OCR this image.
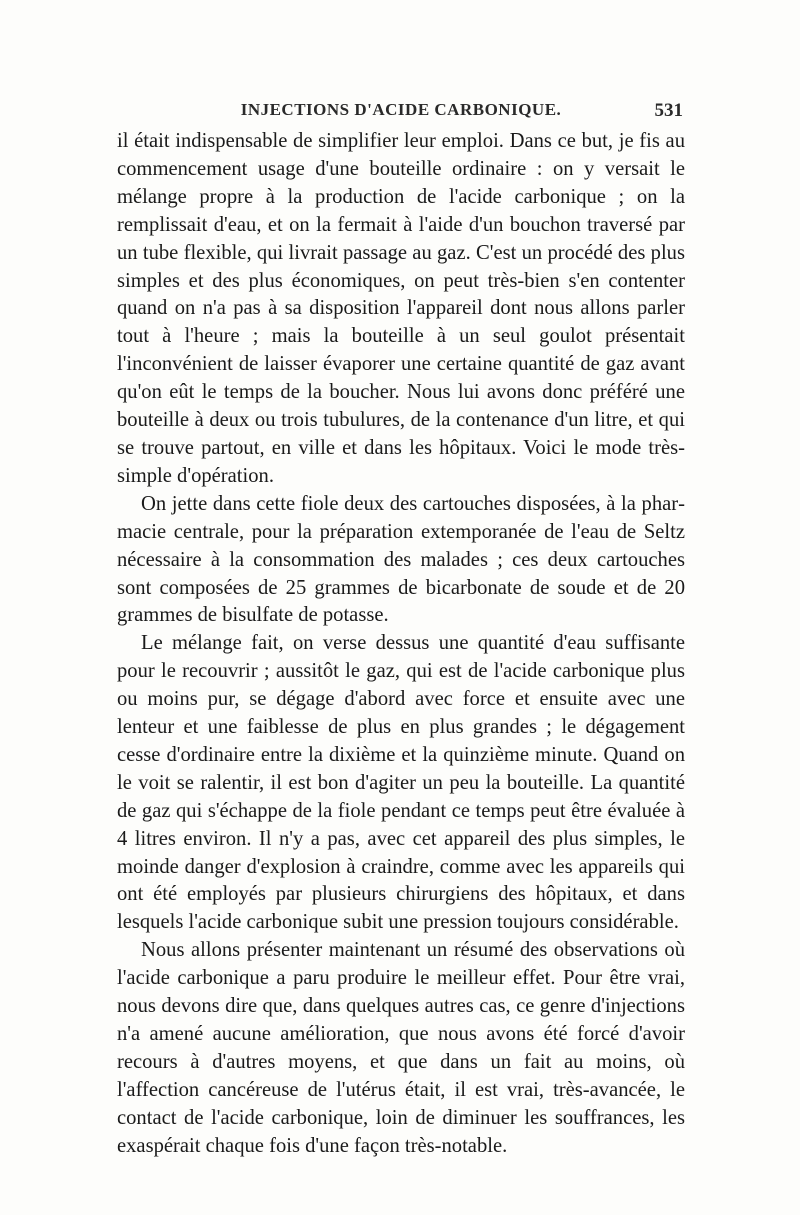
INJECTIONS D'ACIDE CARBONIQUE.	531

il était indispensable de simplifier leur emploi. Dans ce but, je fis au commencement usage d'une bouteille ordinaire : on y versait le mélange propre à la production de l'acide carbonique ; on la remplissait d'eau, et on la fermait à l'aide d'un bouchon traversé par un tube flexible, qui livrait passage au gaz. C'est un procédé des plus simples et des plus économiques, on peut très-bien s'en contenter quand on n'a pas à sa disposition l'appareil dont nous allons parler tout à l'heure ; mais la bouteille à un seul goulot présentait l'inconvénient de laisser évaporer une certaine quantité de gaz avant qu'on eût le temps de la boucher. Nous lui avons donc préféré une bouteille à deux ou trois tubulures, de la contenance d'un litre, et qui se trouve partout, en ville et dans les hôpitaux. Voici le mode très-simple d'opération.

On jette dans cette fiole deux des cartouches disposées, à la pharmacie centrale, pour la préparation extemporanée de l'eau de Seltz nécessaire à la consommation des malades ; ces deux cartouches sont composées de 25 grammes de bicarbonate de soude et de 20 grammes de bisulfate de potasse.

Le mélange fait, on verse dessus une quantité d'eau suffisante pour le recouvrir ; aussitôt le gaz, qui est de l'acide carbonique plus ou moins pur, se dégage d'abord avec force et ensuite avec une lenteur et une faiblesse de plus en plus grandes ; le dégagement cesse d'ordinaire entre la dixième et la quinzième minute. Quand on le voit se ralentir, il est bon d'agiter un peu la bouteille. La quantité de gaz qui s'échappe de la fiole pendant ce temps peut être évaluée à 4 litres environ. Il n'y a pas, avec cet appareil des plus simples, le moinde danger d'explosion à craindre, comme avec les appareils qui ont été employés par plusieurs chirurgiens des hôpitaux, et dans lesquels l'acide carbonique subit une pression toujours considérable.

Nous allons présenter maintenant un résumé des observations où l'acide carbonique a paru produire le meilleur effet. Pour être vrai, nous devons dire que, dans quelques autres cas, ce genre d'injections n'a amené aucune amélioration, que nous avons été forcé d'avoir recours à d'autres moyens, et que dans un fait au moins, où l'affection cancéreuse de l'utérus était, il est vrai, très-avancée, le contact de l'acide carbonique, loin de diminuer les souffrances, les exaspérait chaque fois d'une façon très-notable.
